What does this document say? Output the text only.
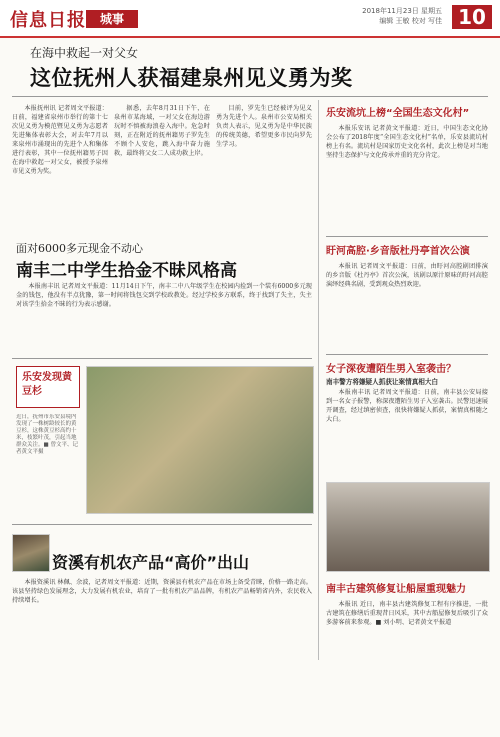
信息日报	城事
2018年11月23日 星期五
编辑 王敏 校对 写佳 10
在海中救起一对父女
这位抚州人获福建泉州见义勇为奖

本报抚州讯 记者周文平报道：日前，福建省泉州市举行的第十七次见义勇为模范暨见义勇为志愿者先进集体表彰大会，对去年7月以来泉州市涌现出的先进个人和集体进行表彰，其中一位抚州籍男子因在海中救起一对父女，被授予泉州市见义勇为奖。

据悉，去年8月31日下午，在泉州市某海域，一对父女在海边游玩时不慎被海浪卷入海中。危急时刻，正在附近的抚州籍男子罗先生不顾个人安危，跳入海中奋力施救，最终将父女二人成功救上岸。

目前，罗先生已经被评为见义勇为先进个人。泉州市公安局相关负责人表示，见义勇为是中华民族的传统美德，希望更多市民向罗先生学习。

乐安流坑上榜“全国生态文化村”

本报乐安讯 记者黄文平报道：近日，中国生态文化协会公布了2018年度“全国生态文化村”名单，乐安县流坑村榜上有名。流坑村是国家历史文化名村，此次上榜是对当地坚持生态保护与文化传承并重的充分肯定。

盱河高腔·乡音版杜丹亭首次公演

本报讯 记者周文平报道：日前，由盱河高腔剧团排演的乡音版《杜丹亭》首次公演，该剧以原汁原味的盱河高腔演绎经典名剧，受到观众热烈欢迎。

女子深夜遭陌生男入室袭击？
南丰警方将嫌疑人抓获让案情真相大白

本报南丰讯 记者周文平报道：日前，南丰县公安局接到一名女子报警，称深夜遭陌生男子入室袭击。民警迅速展开调查，经过缜密侦查，很快将嫌疑人抓获，案情真相随之大白。

面对6000多元现金不动心
南丰二中学生拾金不昧风格高

本报南丰讯 记者周文平报道：11月14日下午，南丰二中八年级学生在校园内捡到一个装有6000多元现金的钱包，他没有半点犹豫，第一时间将钱包交到学校政教处。经过学校多方联系，终于找到了失主，失主对该学生拾金不昧的行为表示感谢。

乐安发现黄豆杉
近日，抚州市乐安县境内发现了一株树龄较长的黄豆杉，这株黄豆杉高约十米，枝繁叶茂，引起当地群众关注。■ 曾文平、记者黄文平摄
资溪有机农产品“高价”出山

本报资溪讯 林佩、余波，记者周文平报道：近期，资溪县有机农产品在市场上备受青睐，价格一路走高。该县坚持绿色发展理念，大力发展有机农业，培育了一批有机农产品品牌，有机农产品畅销省内外，农民收入持续增长。

南丰古建筑修复让船屋重现魅力

本报讯 近日，南丰县古建筑修复工程有序推进，一批古建筑在修缮后重现昔日风采，其中古船屋修复后吸引了众多游客前来参观。■ 刘小明、记者黄文平报道
